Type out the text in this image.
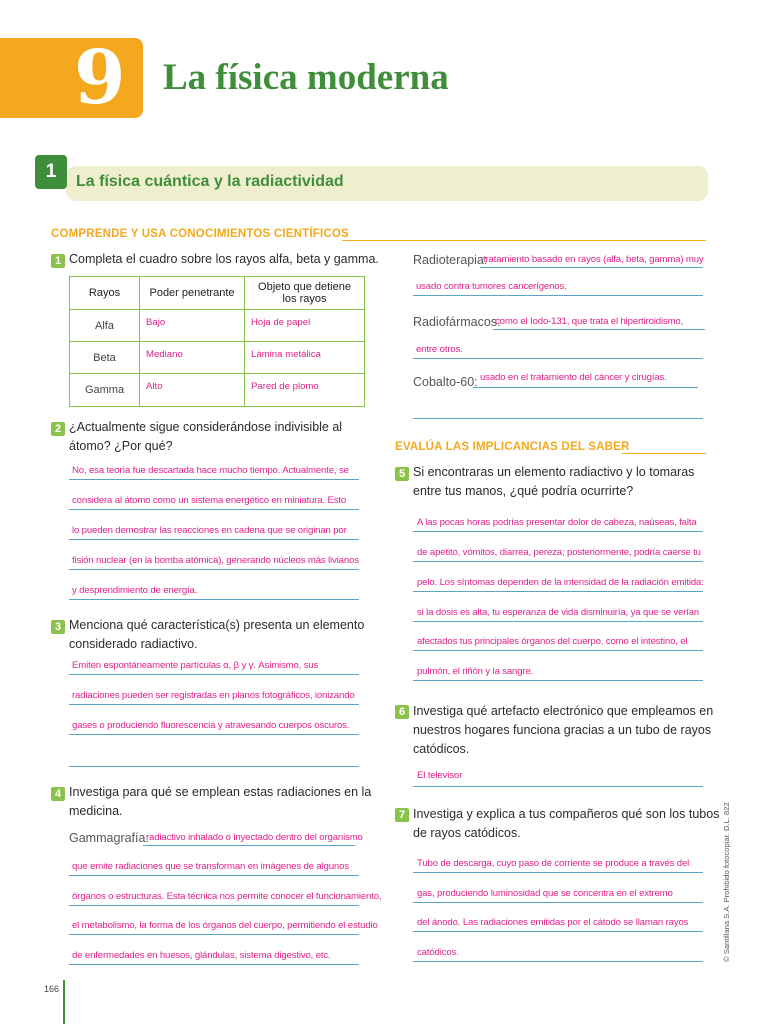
9 La física moderna
1	La física cuántica y la radiactividad
COMPRENDE Y USA CONOCIMIENTOS CIENTÍFICOS
1 Completa el cuadro sobre los rayos alfa, beta y gamma.
Rayos	Poder penetrante	Objeto que detiene los rayos
Alfa	Bajo	Hoja de papel
Beta	Mediano	Lámina metálica
Gamma	Alto	Pared de plomo
2 ¿Actualmente sigue considerándose indivisible al
átomo? ¿Por qué?
No, esa teoría fue descartada hace mucho tiempo. Actualmente, se
considera al átomo como un sistema energético en miniatura. Esto
lo pueden demostrar las reacciones en cadena que se originan por
fisión nuclear (en la bomba atómica), generando núcleos más livianos
y desprendimiento de energía.
3 Menciona qué característica(s) presenta un elemento
considerado radiactivo.
Emiten espontáneamente partículas α, β y γ. Asimismo, sus
radiaciones pueden ser registradas en planos fotográficos, ionizando
gases o produciendo fluorescencia y atravesando cuerpos oscuros.
4 Investiga para qué se emplean estas radiaciones en la
medicina.
Gammagrafía:
radiactivo inhalado o inyectado dentro del organismo
que emite radiaciones que se transforman en imágenes de algunos
órganos o estructuras. Esta técnica nos permite conocer el funcionamiento,
el metabolismo, la forma de los órganos del cuerpo, permitiendo el estudio
de enfermedades en huesos, glándulas, sistema digestivo, etc.
Radioterapia:
tratamiento basado en rayos (alfa, beta, gamma) muy
usado contra tumores cancerígenos.
Radiofármacos:
como el Iodo-131, que trata el hipertiroidismo,
entre otros.
Cobalto-60: usado en el tratamiento del cáncer y cirugías.
EVALÚA LAS IMPLICANCIAS DEL SABER
5 Si encontraras un elemento radiactivo y lo tomaras
entre tus manos, ¿qué podría ocurrirte?
A las pocas horas podrías presentar dolor de cabeza, naúseas, falta
de apetito, vómitos, diarrea, pereza; posteriormente, podría caerse tu
pelo. Los síntomas dependen de la intensidad de la radiación emitida:
si la dosis es alta, tu esperanza de vida disminuiría, ya que se verían
afectados tus principales órganos del cuerpo, como el intestino, el
pulmón, el riñón y la sangre.
6 Investiga qué artefacto electrónico que empleamos en
nuestros hogares funciona gracias a un tubo de rayos
catódicos.
El televisor
7 Investiga y explica a tus compañeros qué son los tubos
de rayos catódicos.
Tubo de descarga, cuyo paso de corriente se produce a través del
gas, produciendo luminosidad que se concentra en el extremo
del ánodo. Las radiaciones emitidas por el cátodo se llaman rayos
catódicos.
166
© Santillana S.A. Prohibido fotocopiar. D.L. 822
